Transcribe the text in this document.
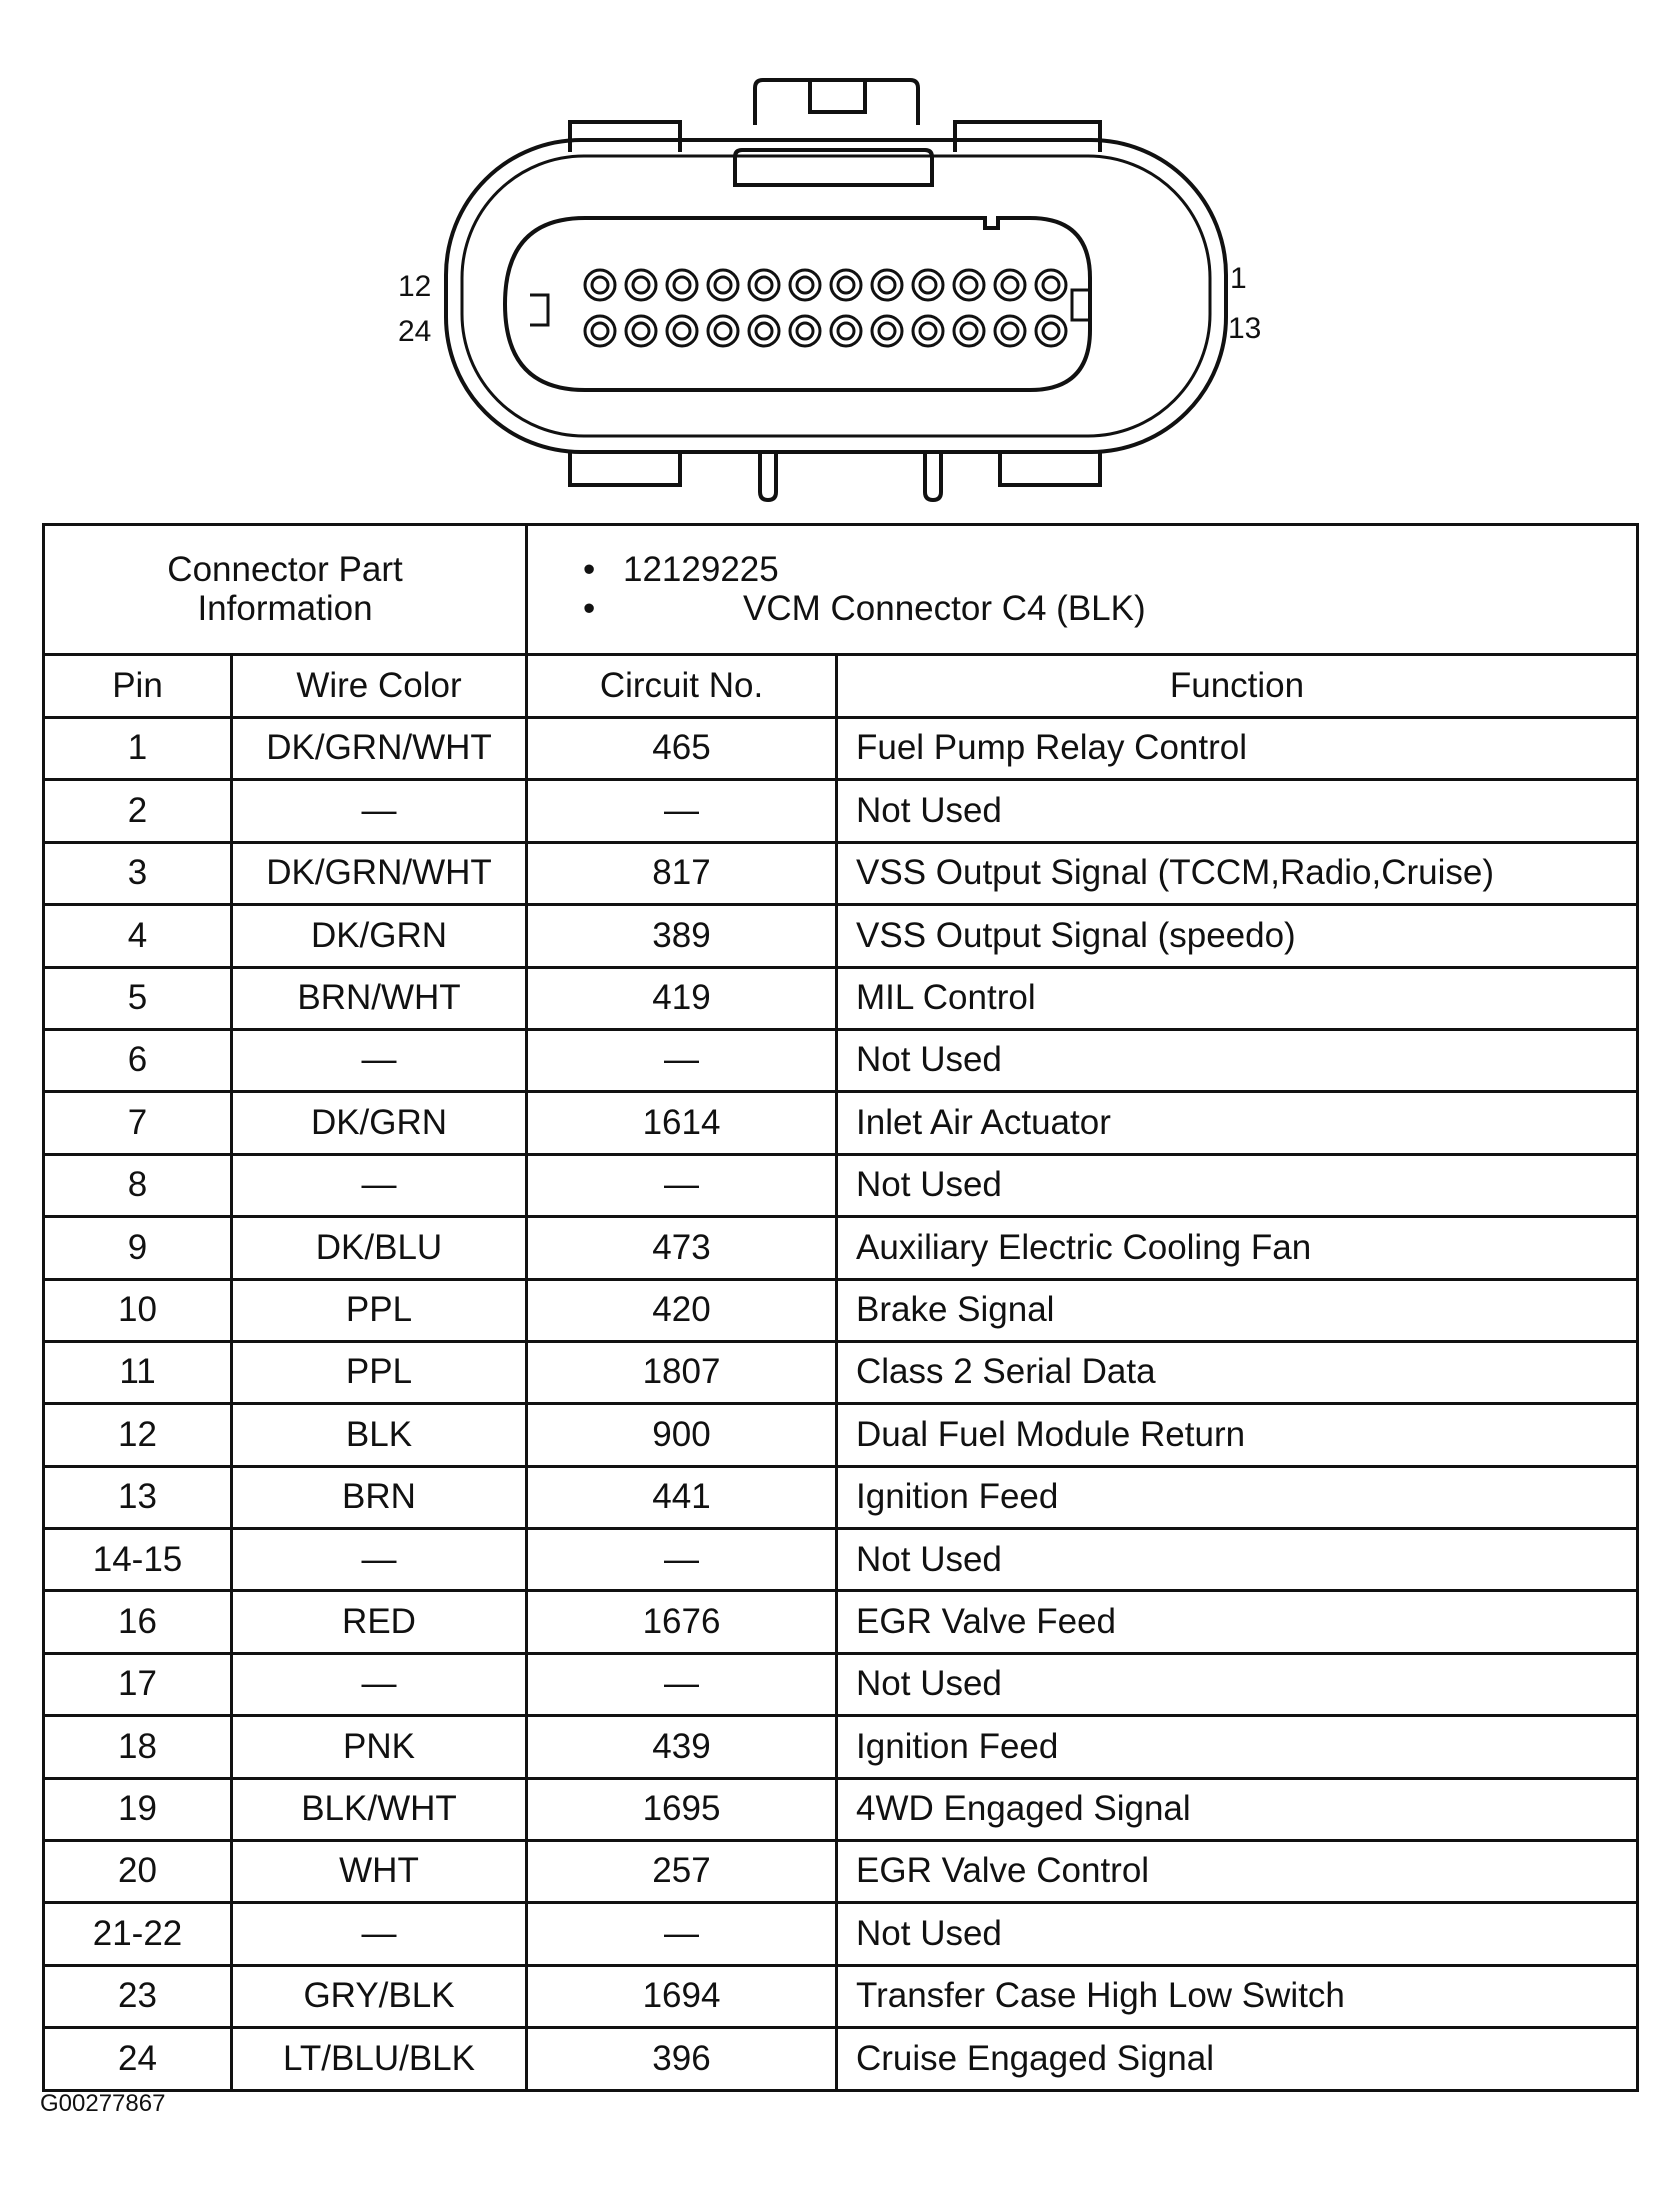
12
24
1
13
Connector Part Information		• 12129225
• VCM Connector C4 (BLK)	

Pin	Wire Color	Circuit No.	Function
1	DK/GRN/WHT	465	Fuel Pump Relay Control
2	—	—	Not Used
3	DK/GRN/WHT	817	VSS Output Signal (TCCM,Radio,Cruise)
4	DK/GRN	389	VSS Output Signal (speedo)
5	BRN/WHT	419	MIL Control
6	—	—	Not Used
7	DK/GRN	1614	Inlet Air Actuator
8	—	—	Not Used
9	DK/BLU	473	Auxiliary Electric Cooling Fan
10	PPL	420	Brake Signal
11	PPL	1807	Class 2 Serial Data
12	BLK	900	Dual Fuel Module Return
13	BRN	441	Ignition Feed
14-15	—	—	Not Used
16	RED	1676	EGR Valve Feed
17	—	—	Not Used
18	PNK	439	Ignition Feed
19	BLK/WHT	1695	4WD Engaged Signal
20	WHT	257	EGR Valve Control
21-22	—	—	Not Used
23	GRY/BLK	1694	Transfer Case High Low Switch
24	LT/BLU/BLK	396	Cruise Engaged Signal
G00277867
